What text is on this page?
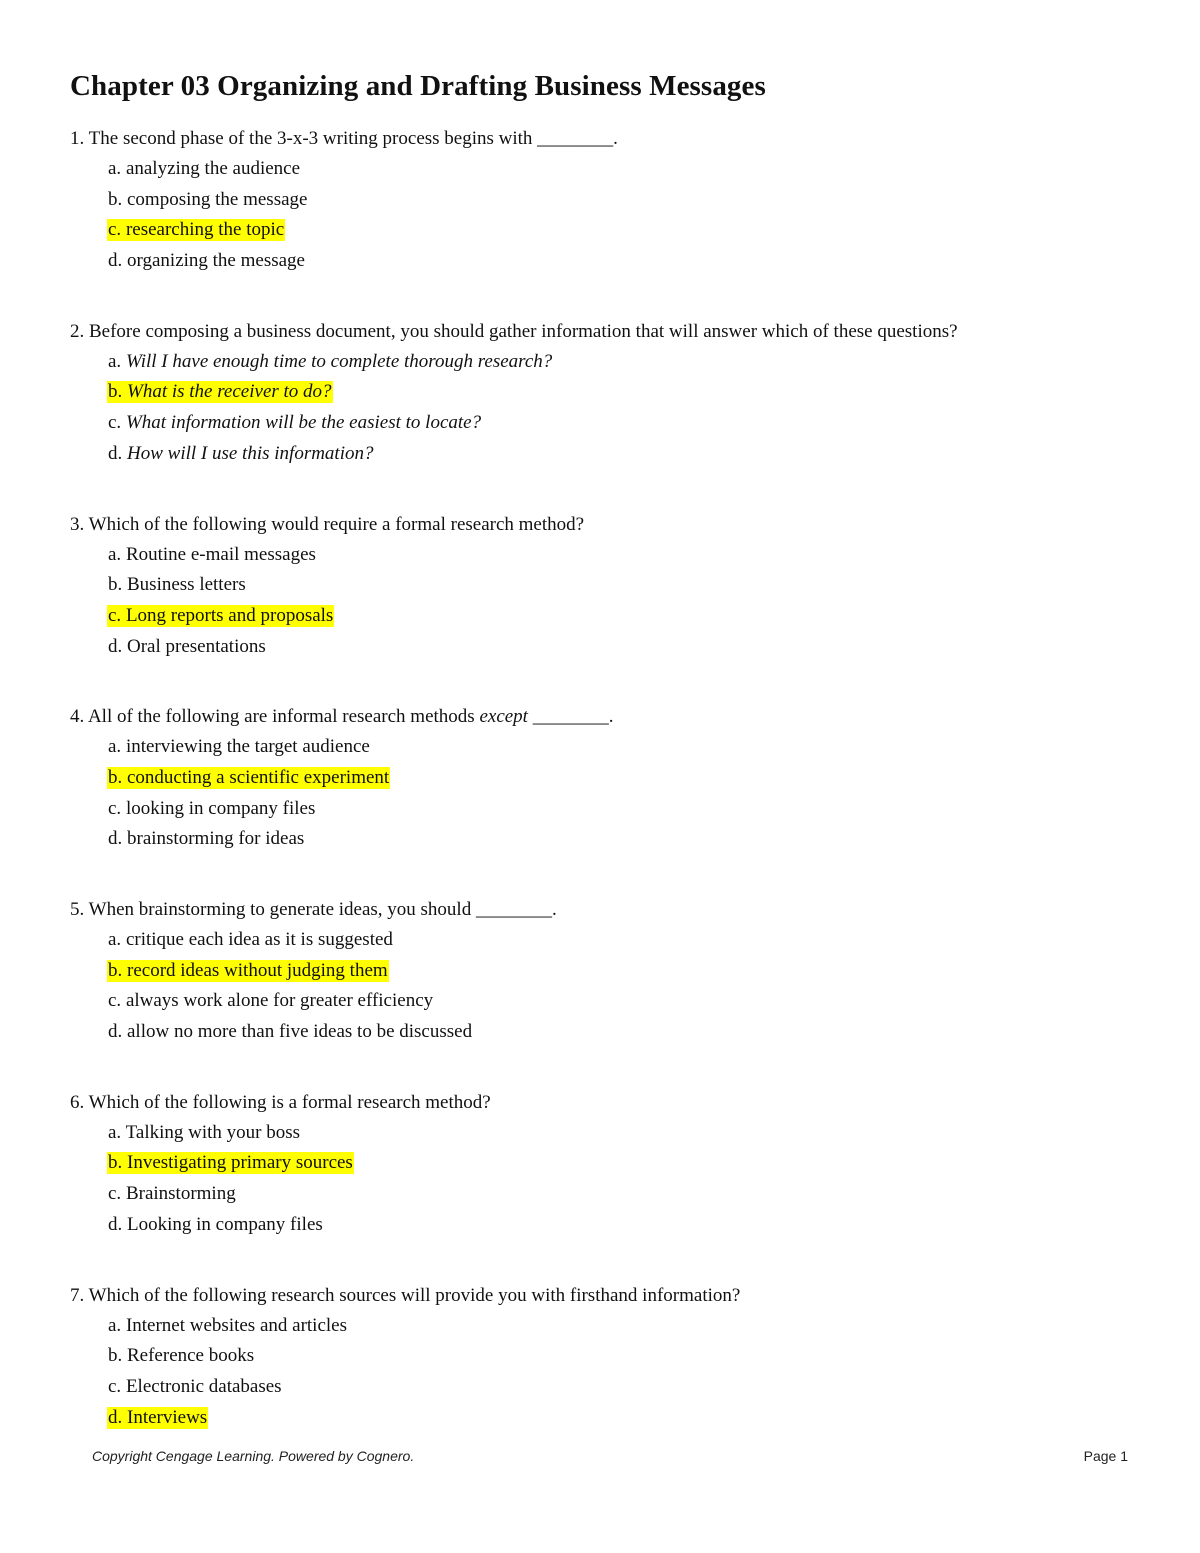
Chapter 03 Organizing and Drafting Business Messages
1. The second phase of the 3-x-3 writing process begins with ________.
a. analyzing the audience
b. composing the message
c. researching the topic
d. organizing the message
2. Before composing a business document, you should gather information that will answer which of these questions?
a. Will I have enough time to complete thorough research?
b. What is the receiver to do?
c. What information will be the easiest to locate?
d. How will I use this information?
3. Which of the following would require a formal research method?
a. Routine e-mail messages
b. Business letters
c. Long reports and proposals
d. Oral presentations
4. All of the following are informal research methods except ________.
a. interviewing the target audience
b. conducting a scientific experiment
c. looking in company files
d. brainstorming for ideas
5. When brainstorming to generate ideas, you should ________.
a. critique each idea as it is suggested
b. record ideas without judging them
c. always work alone for greater efficiency
d. allow no more than five ideas to be discussed
6. Which of the following is a formal research method?
a. Talking with your boss
b. Investigating primary sources
c. Brainstorming
d. Looking in company files
7. Which of the following research sources will provide you with firsthand information?
a. Internet websites and articles
b. Reference books
c. Electronic databases
d. Interviews
Copyright Cengage Learning. Powered by Cognero.	Page 1
